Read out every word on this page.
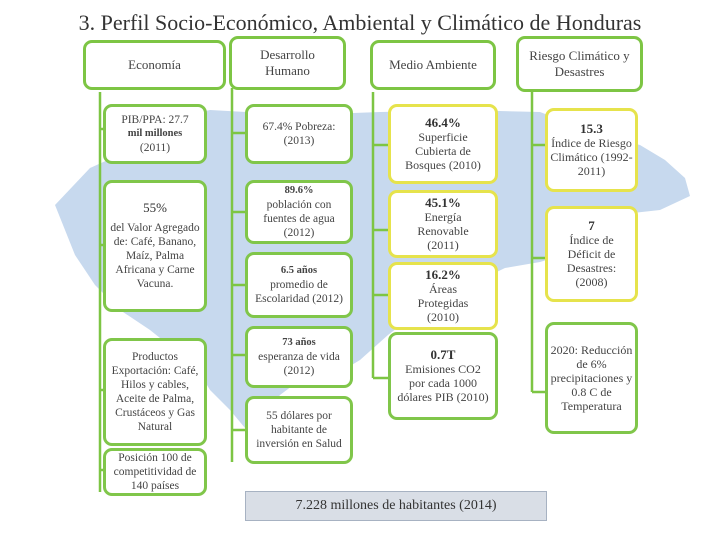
3. Perfil Socio-Económico, Ambiental y Climático de Honduras
Economía
Desarrollo Humano	Medio Ambiente
Riesgo Climático y Desastres
PIB/PPA: 27.7
mil millones
(2011)
55%
del Valor Agregado de: Café, Banano, Maíz, Palma Africana y Carne Vacuna.
Productos Exportación: Café, Hilos y cables, Aceite de Palma, Crustáceos y Gas Natural
Posición 100 de competitividad de 140 países
67.4% Pobreza: (2013)
89.6%
población con fuentes de agua (2012)
6.5 años
promedio de Escolaridad (2012)
73 años
esperanza de vida (2012)
55 dólares por habitante de inversión en Salud
46.4%
Superficie Cubierta de Bosques (2010)
45.1%
Energía Renovable (2011)
16.2%
Áreas Protegidas (2010)
0.7T
Emisiones CO2 por cada 1000 dólares PIB (2010)
15.3
Índice de Riesgo Climático (1992-2011)
7
Índice de Déficit de Desastres: (2008)
2020: Reducción de 6% precipitaciones y 0.8 C de Temperatura
7.228 millones de habitantes (2014)
